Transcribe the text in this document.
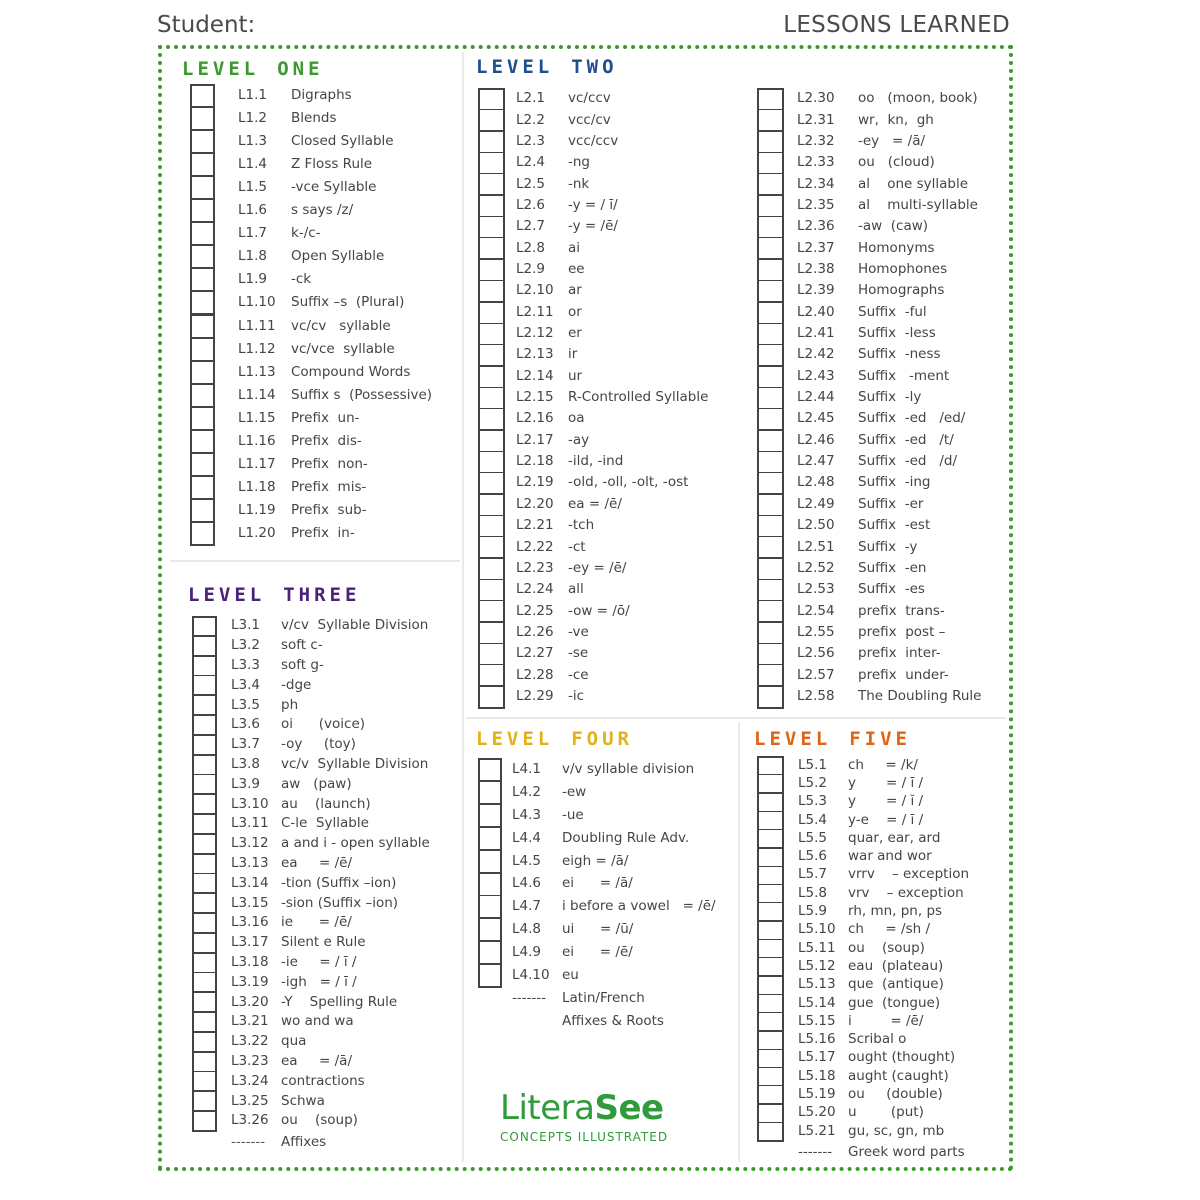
Student:	LESSONS LEARNED
LEVEL ONE	LEVEL TWO
LEVEL THREE
LEVEL FOUR	LEVEL FIVE
L1.1 Digraphs
L1.2 Blends
L1.3 Closed Syllable
L1.4 Z Floss Rule
L1.5 -vce Syllable
L1.6 s says /z/
L1.7 k-/c-
L1.8 Open Syllable
L1.9 -ck
L1.10 Suffix –s  (Plural)
L1.11 vc/cv   syllable
L1.12 vc/vce  syllable
L1.13 Compound Words
L1.14 Suffix s  (Possessive)
L1.15 Prefix  un-
L1.16 Prefix  dis-
L1.17 Prefix  non-
L1.18 Prefix  mis-
L1.19 Prefix  sub-
L1.20 Prefix  in-
L2.1 vc/ccv
L2.2 vcc/cv
L2.3 vcc/ccv
L2.4 -ng
L2.5 -nk
L2.6 -y = / ī/
L2.7 -y = /ē/
L2.8 ai
L2.9 ee
L2.10 ar
L2.11 or
L2.12 er
L2.13 ir
L2.14 ur
L2.15 R-Controlled Syllable
L2.16 oa
L2.17 -ay
L2.18 -ild, -ind
L2.19 -old, -oll, -olt, -ost
L2.20 ea = /ē/
L2.21 -tch
L2.22 -ct
L2.23 -ey = /ē/
L2.24 all
L2.25 -ow = /ō/
L2.26 -ve
L2.27 -se
L2.28 -ce
L2.29 -ic
L2.30 oo   (moon, book)
L2.31 wr,  kn,  gh
L2.32 -ey   = /ā/
L2.33 ou   (cloud)
L2.34 al    one syllable
L2.35 al    multi-syllable
L2.36 -aw  (caw)
L2.37 Homonyms
L2.38 Homophones
L2.39 Homographs
L2.40 Suffix  -ful
L2.41 Suffix  -less
L2.42 Suffix  -ness
L2.43 Suffix   -ment
L2.44 Suffix  -ly
L2.45 Suffix  -ed   /ed/
L2.46 Suffix  -ed   /t/
L2.47 Suffix  -ed   /d/
L2.48 Suffix  -ing
L2.49 Suffix  -er
L2.50 Suffix  -est
L2.51 Suffix  -y
L2.52 Suffix  -en
L2.53 Suffix  -es
L2.54 prefix  trans-
L2.55 prefix  post –
L2.56 prefix  inter-
L2.57 prefix  under-
L2.58 The Doubling Rule
L3.1 v/cv  Syllable Division
L3.2 soft c-
L3.3 soft g-
L3.4 -dge
L3.5 ph
L3.6 oi      (voice)
L3.7 -oy     (toy)
L3.8 vc/v  Syllable Division
L3.9 aw   (paw)
L3.10 au    (launch)
L3.11 C-le  Syllable
L3.12 a and i - open syllable
L3.13 ea     = /ē/
L3.14 -tion (Suffix –ion)
L3.15 -sion (Suffix –ion)
L3.16 ie      = /ē/
L3.17 Silent e Rule
L3.18 -ie     = / ī /
L3.19 -igh   = / ī /
L3.20 -Y    Spelling Rule
L3.21 wo and wa
L3.22 qua
L3.23 ea     = /ā/
L3.24 contractions
L3.25 Schwa
L3.26 ou    (soup)
L4.1 v/v syllable division
L4.2 -ew
L4.3 -ue
L4.4 Doubling Rule Adv.
L4.5 eigh = /ā/
L4.6 ei      = /ā/
L4.7 i before a vowel   = /ē/
L4.8 ui      = /ū/
L4.9 ei      = /ē/
L4.10 eu
L5.1 ch     = /k/
L5.2 y       = / ī /
L5.3 y       = / ĭ /
L5.4 y-e    = / ī /
L5.5 quar, ear, ard
L5.6 war and wor
L5.7 vrrv    – exception
L5.8 vrv    – exception
L5.9 rh, mn, pn, ps
L5.10 ch     = /sh /
L5.11 ou    (soup)
L5.12 eau  (plateau)
L5.13 que  (antique)
L5.14 gue  (tongue)
L5.15 i         = /ē/
L5.16 Scribal o
L5.17 ought (thought)
L5.18 aught (caught)
L5.19 ou     (double)
L5.20 u        (put)
L5.21 gu, sc, gn, mb
------- Affixes
------- Latin/French
Affixes & Roots
------- Greek word parts
LiteraSee
CONCEPTS ILLUSTRATED
